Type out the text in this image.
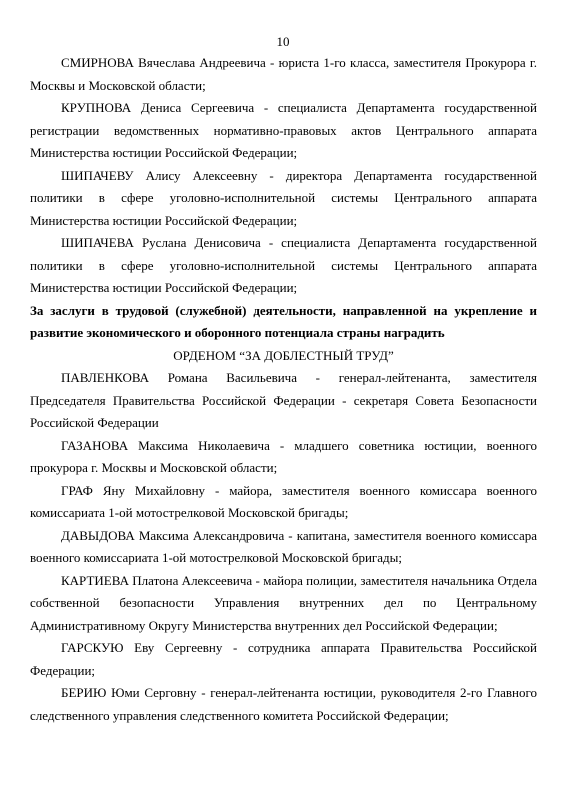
10

СМИРНОВА Вячеслава Андреевича - юриста 1-го класса, заместителя Прокурора г. Москвы и Московской области;

КРУПНОВА Дениса Сергеевича - специалиста Департамента государственной регистрации ведомственных нормативно-правовых актов Центрального аппарата Министерства юстиции Российской Федерации;

ШИПАЧЕВУ Алису Алексеевну - директора Департамента государственной политики в сфере уголовно-исполнительной системы Центрального аппарата Министерства юстиции Российской Федерации;

ШИПАЧЕВА Руслана Денисовича - специалиста Департамента государственной политики в сфере уголовно-исполнительной системы Центрального аппарата Министерства юстиции Российской Федерации;

За заслуги в трудовой (служебной) деятельности, направленной на укрепление и развитие экономического и оборонного потенциала страны наградить

ОРДЕНОМ “ЗА ДОБЛЕСТНЫЙ ТРУД”

ПАВЛЕНКОВА Романа Васильевича - генерал-лейтенанта, заместителя Председателя Правительства Российской Федерации - секретаря Совета Безопасности Российской Федерации

ГАЗАНОВА Максима Николаевича - младшего советника юстиции, военного прокурора г. Москвы и Московской области;

ГРАФ Яну Михайловну - майора, заместителя военного комиссара военного комиссариата 1-ой мотострелковой Московской бригады;

ДАВЫДОВА Максима Александровича - капитана, заместителя военного комиссара военного комиссариата 1-ой мотострелковой Московской бригады;

КАРТИЕВА Платона Алексеевича - майора полиции, заместителя начальника Отдела собственной безопасности Управления внутренних дел по Центральному Административному Округу Министерства внутренних дел Российской Федерации;

ГАРСКУЮ Еву Сергеевну - сотрудника аппарата Правительства Российской Федерации;

БЕРИЮ Юми Серговну - генерал-лейтенанта юстиции, руководителя 2-го Главного следственного управления следственного комитета Российской Федерации;
